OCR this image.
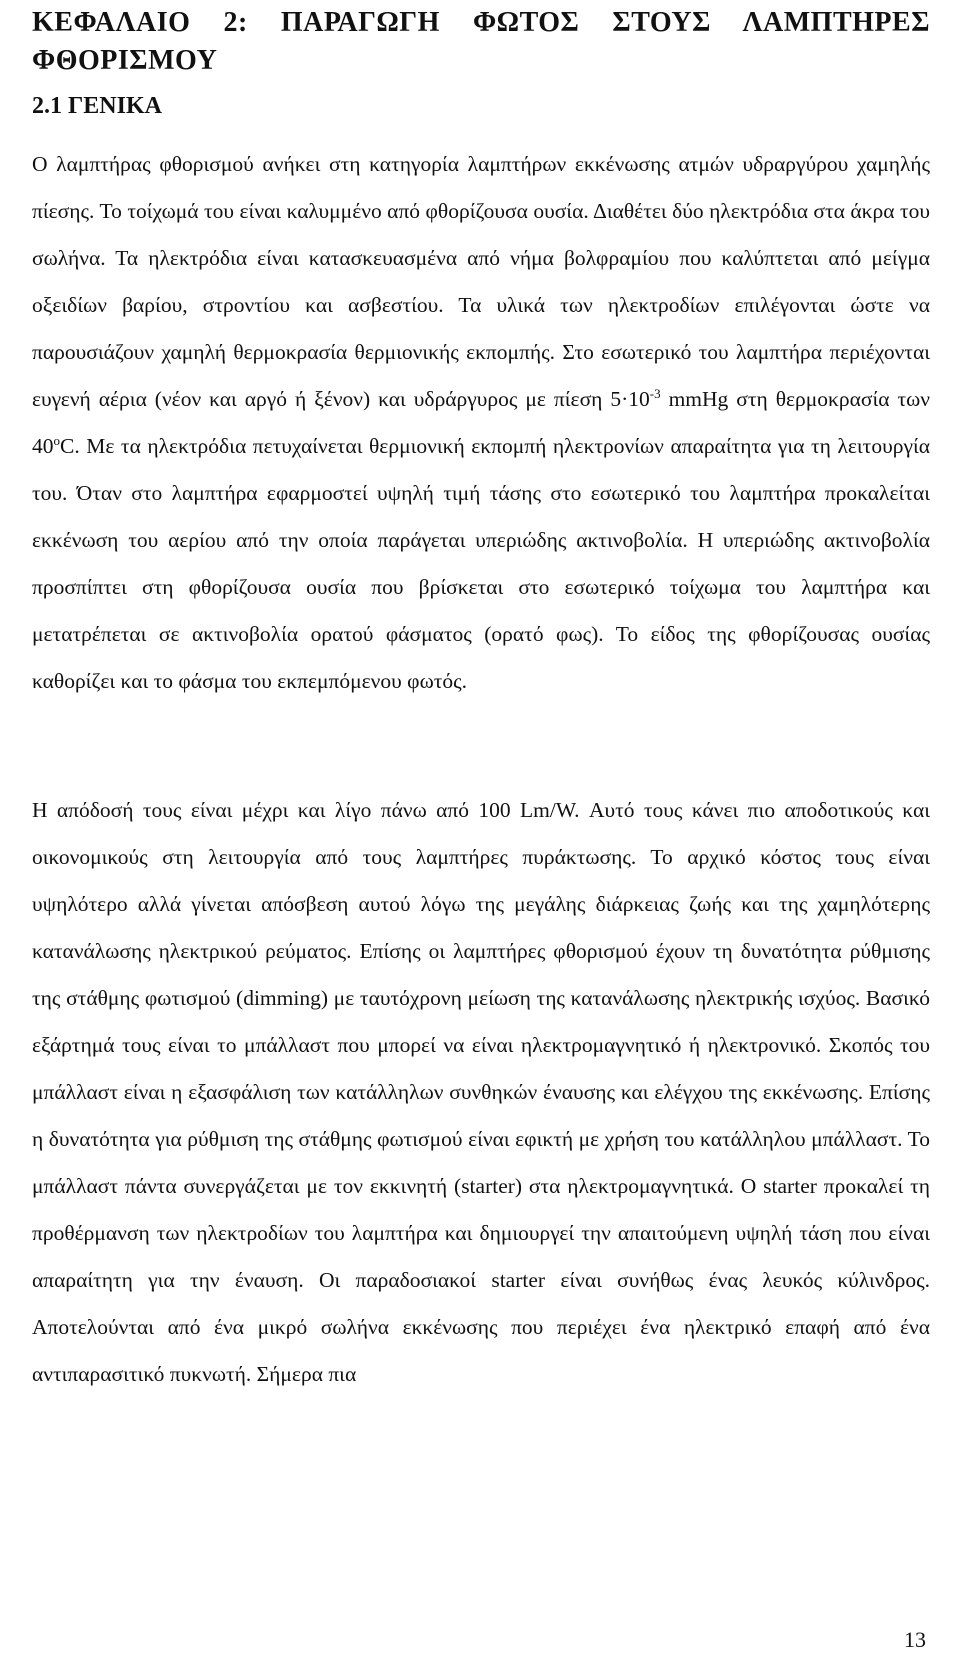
ΚΕΦΑΛΑΙΟ 2: ΠΑΡΑΓΩΓΗ ΦΩΤΟΣ ΣΤΟΥΣ ΛΑΜΠΤΗΡΕΣ ΦΘΟΡΙΣΜΟΥ
2.1 ΓΕΝΙΚΑ

Ο λαμπτήρας φθορισμού ανήκει στη κατηγορία λαμπτήρων εκκένωσης ατμών υδραργύρου χαμηλής πίεσης. Το τοίχωμά του είναι καλυμμένο από φθορίζουσα ουσία. Διαθέτει δύο ηλεκτρόδια στα άκρα του σωλήνα. Τα ηλεκτρόδια είναι κατασκευασμένα από νήμα βολφραμίου που καλύπτεται από μείγμα οξειδίων βαρίου, στροντίου και ασβεστίου. Τα υλικά των ηλεκτροδίων επιλέγονται ώστε να παρουσιάζουν χαμηλή θερμοκρασία θερμιονικής εκπομπής. Στο εσωτερικό του λαμπτήρα περιέχονται ευγενή αέρια (νέον και αργό ή ξένον) και υδράργυρος με πίεση $5\cdot 10^{-3}$ mmHg στη θερμοκρασία των 40$^o$C. Με τα ηλεκτρόδια πετυχαίνεται θερμιονική εκπομπή ηλεκτρονίων απαραίτητα για τη λειτουργία του. Όταν στο λαμπτήρα εφαρμοστεί υψηλή τιμή τάσης στο εσωτερικό του λαμπτήρα προκαλείται εκκένωση του αερίου από την οποία παράγεται υπεριώδης ακτινοβολία. Η υπεριώδης ακτινοβολία προσπίπτει στη φθορίζουσα ουσία που βρίσκεται στο εσωτερικό τοίχωμα του λαμπτήρα και μετατρέπεται σε ακτινοβολία ορατού φάσματος (ορατό φως). Το είδος της φθορίζουσας ουσίας καθορίζει και το φάσμα του εκπεμπόμενου φωτός.

Η απόδοσή τους είναι μέχρι και λίγο πάνω από 100 Lm/W. Αυτό τους κάνει πιο αποδοτικούς και οικονομικούς στη λειτουργία από τους λαμπτήρες πυράκτωσης. Το αρχικό κόστος τους είναι υψηλότερο αλλά γίνεται απόσβεση αυτού λόγω της μεγάλης διάρκειας ζωής και της χαμηλότερης κατανάλωσης ηλεκτρικού ρεύματος. Επίσης οι λαμπτήρες φθορισμού έχουν τη δυνατότητα ρύθμισης της στάθμης φωτισμού (dimming) με ταυτόχρονη μείωση της κατανάλωσης ηλεκτρικής ισχύος. Βασικό εξάρτημά τους είναι το μπάλλαστ που μπορεί να είναι ηλεκτρομαγνητικό ή ηλεκτρονικό. Σκοπός του μπάλλαστ είναι η εξασφάλιση των κατάλληλων συνθηκών έναυσης και ελέγχου της εκκένωσης. Επίσης η δυνατότητα για ρύθμιση της στάθμης φωτισμού είναι εφικτή με χρήση του κατάλληλου μπάλλαστ. Το μπάλλαστ πάντα συνεργάζεται με τον εκκινητή (starter) στα ηλεκτρομαγνητικά. Ο starter προκαλεί τη προθέρμανση των ηλεκτροδίων του λαμπτήρα και δημιουργεί την απαιτούμενη υψηλή τάση που είναι απαραίτητη για την έναυση. Οι παραδοσιακοί starter είναι συνήθως ένας λευκός κύλινδρος. Αποτελούνται από ένα μικρό σωλήνα εκκένωσης που περιέχει ένα ηλεκτρικό επαφή από ένα αντιπαρασιτικό πυκνωτή. Σήμερα πια

13
